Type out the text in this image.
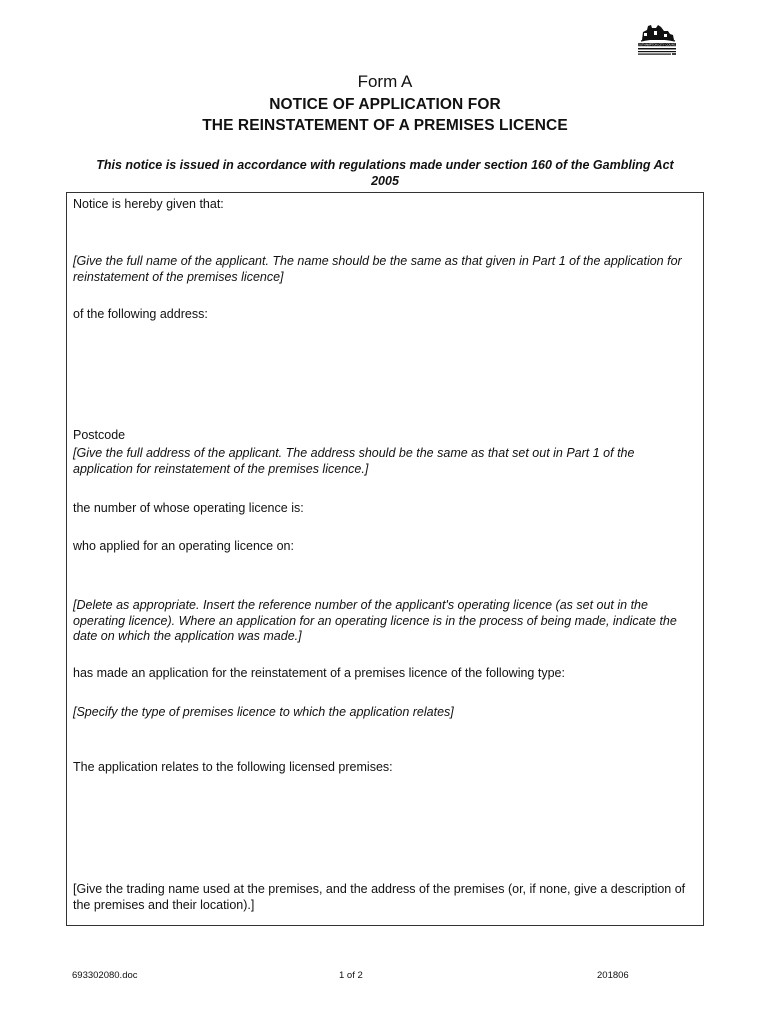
SOUTHAMPTON CITY COUNCIL
Form A
NOTICE OF APPLICATION FOR
THE REINSTATEMENT OF A PREMISES LICENCE
This notice is issued in accordance with regulations made under section 160 of the Gambling Act 2005
Notice is hereby given that:
[Give the full name of the applicant. The name should be the same as that given in Part 1 of the application for reinstatement of the premises licence]
of the following address:
Postcode
[Give the full address of the applicant. The address should be the same as that set out in Part 1 of the application for reinstatement of the premises licence.]
the number of whose operating licence is:
who applied for an operating licence on:
[Delete as appropriate. Insert the reference number of the applicant's operating licence (as set out in the operating licence). Where an application for an operating licence is in the process of being made, indicate the date on which the application was made.]
has made an application for the reinstatement of a premises licence of the following type:
[Specify the type of premises licence to which the application relates]
The application relates to the following licensed premises:
[Give the trading name used at the premises, and the address of the premises (or, if none, give a description of the premises and their location).]
693302080.doc	1 of 2	201806
